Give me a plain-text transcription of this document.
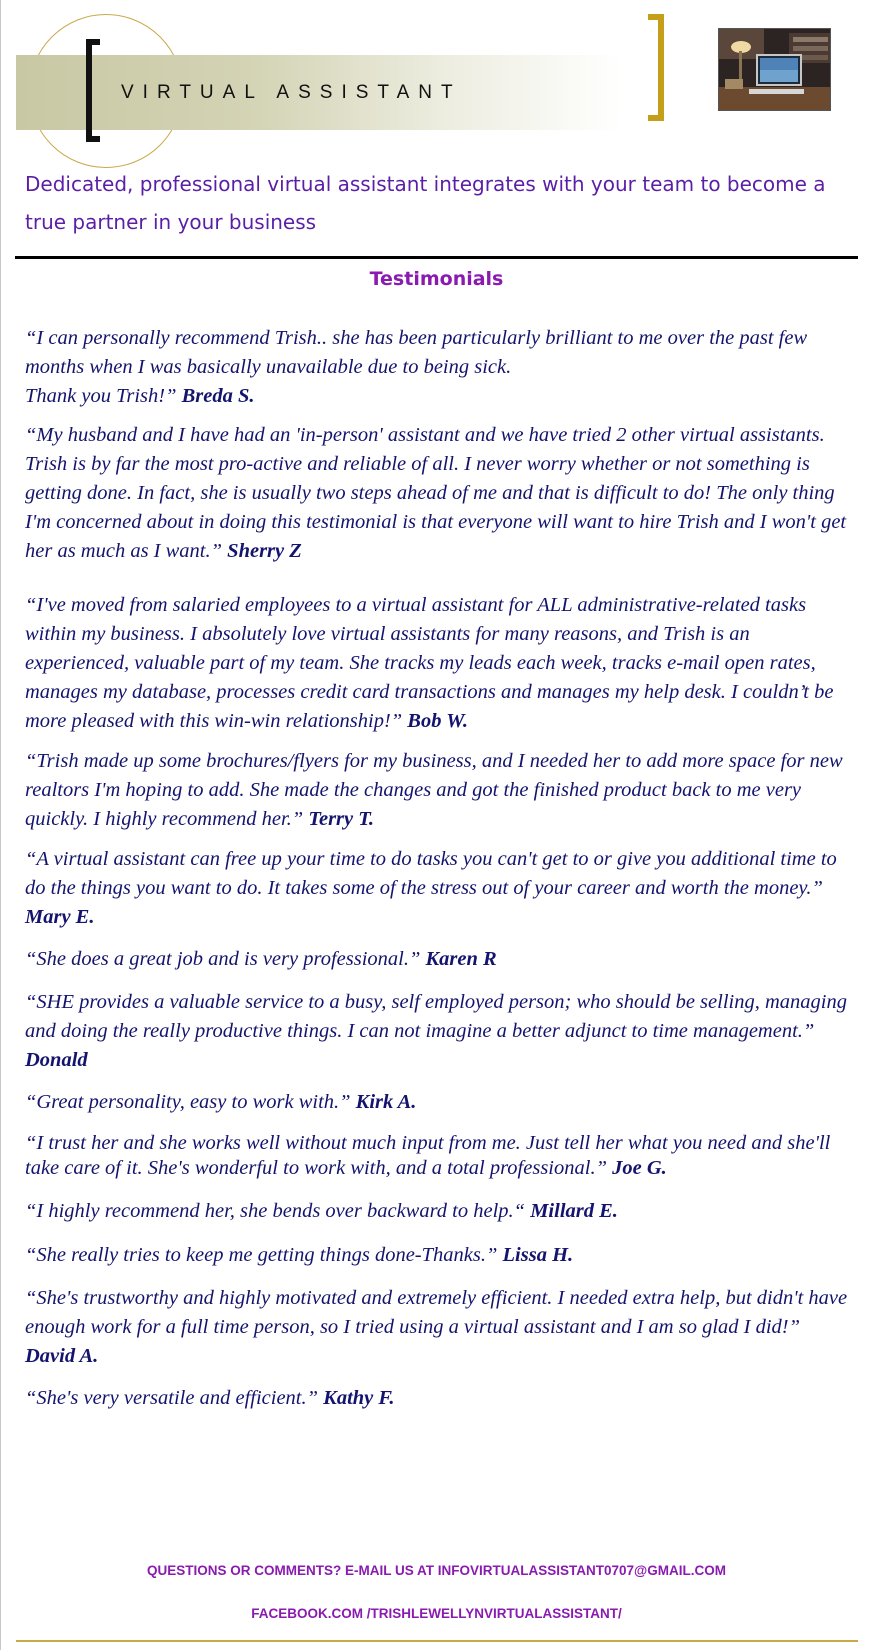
VIRTUAL ASSISTANT

Dedicated, professional virtual assistant integrates with your team to become a true partner in your business

Testimonials

“I can personally recommend Trish.. she has been particularly brilliant to me over the past few months when I was basically unavailable due to being sick.
Thank you Trish!” Breda S.

“My husband and I have had an 'in-person' assistant and we have tried 2 other virtual assistants. Trish is by far the most pro-active and reliable of all. I never worry whether or not something is getting done. In fact, she is usually two steps ahead of me and that is difficult to do! The only thing I'm concerned about in doing this testimonial is that everyone will want to hire Trish and I won't get her as much as I want.” Sherry Z

“I've moved from salaried employees to a virtual assistant for ALL administrative-related tasks within my business. I absolutely love virtual assistants for many reasons, and Trish is an experienced, valuable part of my team. She tracks my leads each week, tracks e-mail open rates, manages my database, processes credit card transactions and manages my help desk. I couldn’t be more pleased with this win-win relationship!” Bob W.

“Trish made up some brochures/flyers for my business, and I needed her to add more space for new realtors I'm hoping to add. She made the changes and got the finished product back to me very quickly. I highly recommend her.” Terry T.

“A virtual assistant can free up your time to do tasks you can't get to or give you additional time to do the things you want to do. It takes some of the stress out of your career and worth the money.” Mary E.

“She does a great job and is very professional.” Karen R

“SHE provides a valuable service to a busy, self employed person; who should be selling, managing and doing the really productive things. I can not imagine a better adjunct to time management.” Donald

“Great personality, easy to work with.” Kirk A.

“I trust her and she works well without much input from me. Just tell her what you need and she'll take care of it. She's wonderful to work with, and a total professional.” Joe G.

“I highly recommend her, she bends over backward to help.“ Millard E.

“She really tries to keep me getting things done-Thanks.” Lissa H.

“She's trustworthy and highly motivated and extremely efficient. I needed extra help, but didn't have enough work for a full time person, so I tried using a virtual assistant and I am so glad I did!” David A.

“She's very versatile and efficient.” Kathy F.

QUESTIONS OR COMMENTS? E-MAIL US AT INFOVIRTUALASSISTANT0707@GMAIL.COM
FACEBOOK.COM /TRISHLEWELLYNVIRTUALASSISTANT/
